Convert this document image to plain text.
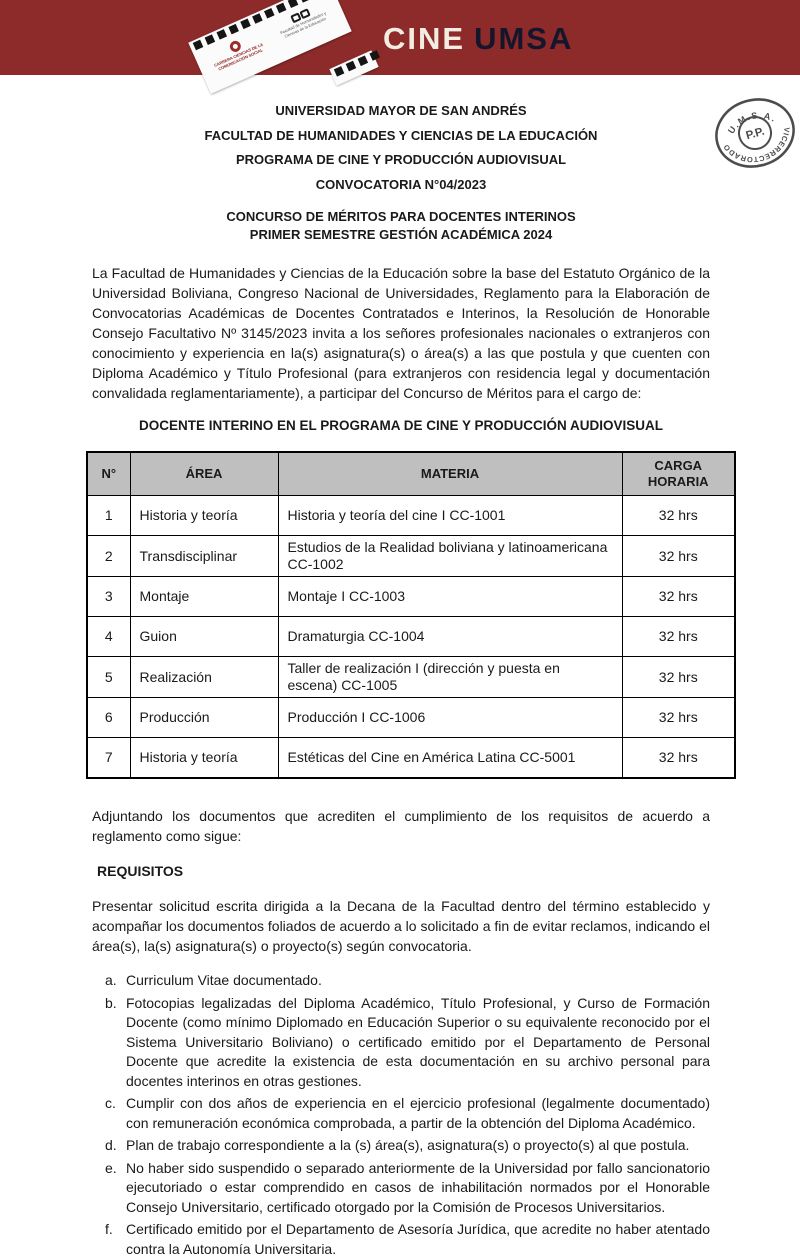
CARRERA CIENCIAS DE LA COMUNICACIÓN SOCIAL
Facultad de Humanidades y Ciencias de la Educación CINE UMSA
U.M.S.A.
VICERRECTORADO
P.P.
UNIVERSIDAD MAYOR DE SAN ANDRÉS
FACULTAD DE HUMANIDADES Y CIENCIAS DE LA EDUCACIÓN
PROGRAMA DE CINE Y PRODUCCIÓN AUDIOVISUAL
CONVOCATORIA N°04/2023
CONCURSO DE MÉRITOS PARA DOCENTES INTERINOS
PRIMER SEMESTRE GESTIÓN ACADÉMICA 2024

La Facultad de Humanidades y Ciencias de la Educación sobre la base del Estatuto Orgánico de la Universidad Boliviana, Congreso Nacional de Universidades, Reglamento para la Elaboración de Convocatorias Académicas de Docentes Contratados e Interinos, la Resolución de Honorable Consejo Facultativo Nº 3145/2023 invita a los señores profesionales nacionales o extranjeros con conocimiento y experiencia en la(s) asignatura(s) o área(s) a las que postula y que cuenten con Diploma Académico y Título Profesional (para extranjeros con residencia legal y documentación convalidada reglamentariamente), a participar del Concurso de Méritos para el cargo de:

DOCENTE INTERINO EN EL PROGRAMA DE CINE Y PRODUCCIÓN AUDIOVISUAL
N°	ÁREA	MATERIA	CARGA HORARIA
1	Historia y teoría	Historia y teoría del cine I CC-1001	32 hrs
2	Transdisciplinar	Estudios de la Realidad boliviana y latinoamericana CC-1002	32 hrs
3	Montaje	Montaje I CC-1003	32 hrs
4	Guion	Dramaturgia CC-1004	32 hrs
5	Realización	Taller de realización I (dirección y puesta en escena) CC-1005	32 hrs
6	Producción	Producción I CC-1006	32 hrs
7	Historia y teoría	Estéticas del Cine en América Latina CC-5001	32 hrs

Adjuntando los documentos que acrediten el cumplimiento de los requisitos de acuerdo a reglamento como sigue:

REQUISITOS

Presentar solicitud escrita dirigida a la Decana de la Facultad dentro del término establecido y acompañar los documentos foliados de acuerdo a lo solicitado a fin de evitar reclamos, indicando el área(s), la(s) asignatura(s) o proyecto(s) según convocatoria.

a. Curriculum Vitae documentado.
b. Fotocopias legalizadas del Diploma Académico, Título Profesional, y Curso de Formación Docente (como mínimo Diplomado en Educación Superior o su equivalente reconocido por el Sistema Universitario Boliviano) o certificado emitido por el Departamento de Personal Docente que acredite la existencia de esta documentación en su archivo personal para docentes interinos en otras gestiones.
c. Cumplir con dos años de experiencia en el ejercicio profesional (legalmente documentado) con remuneración económica comprobada, a partir de la obtención del Diploma Académico.
d. Plan de trabajo correspondiente a la (s) área(s), asignatura(s) o proyecto(s) al que postula.
e. No haber sido suspendido o separado anteriormente de la Universidad por fallo sancionatorio ejecutoriado o estar comprendido en casos de inhabilitación normados por el Honorable Consejo Universitario, certificado otorgado por la Comisión de Procesos Universitarios.
f. Certificado emitido por el Departamento de Asesoría Jurídica, que acredite no haber atentado contra la Autonomía Universitaria.
